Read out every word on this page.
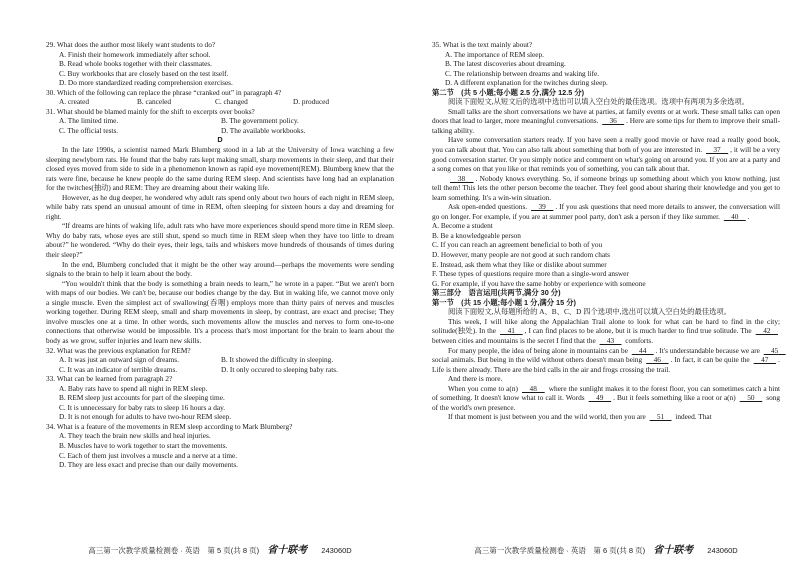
29. What does the author most likely want students to do?
A. Finish their homework immediately after school.
B. Read whole books together with their classmates.
C. Buy workbooks that are closely based on the test itself.
D. Do more standardized reading comprehension exercises.
30. Which of the following can replace the phrase “cranked out” in paragraph 4?
A. created	B. canceled	C. changed	D. produced
31. What should be blamed mainly for the shift to excerpts over books?
A. The limited time.	B. The government policy.
C. The official tests.	D. The available workbooks.
D

In the late 1990s, a scientist named Mark Blumberg stood in a lab at the University of Iowa watching a few sleeping newlyborn rats. He found that the baby rats kept making small, sharp movements in their sleep, and that their closed eyes moved from side to side in a phenomenon known as rapid eye movement(REM). Blumberg knew that the rats were fine, because he knew people do the same during REM sleep. And scientists have long had an explanation for the twitches(抽动) and REM: They are dreaming about their waking life.

However, as he dug deeper, he wondered why adult rats spend only about two hours of each night in REM sleep, while baby rats spend an unusual amount of time in REM, often sleeping for sixteen hours a day and dreaming for right.

“If dreams are hints of waking life, adult rats who have more experiences should spend more time in REM sleep. Why do baby rats, whose eyes are still shut, spend so much time in REM sleep when they have too little to dream about?” he wondered. “Why do their eyes, their legs, tails and whiskers move hundreds of thousands of times during their sleep?”

In the end, Blumberg concluded that it might be the other way around—perhaps the movements were sending signals to the brain to help it learn about the body.

“You wouldn't think that the body is something a brain needs to learn,” he wrote in a paper. “But we aren't born with maps of our bodies. We can't be, because our bodies change by the day. But in waking life, we cannot move only a single muscle. Even the simplest act of swallowing(吞咽) employs more than thirty pairs of nerves and muscles working together. During REM sleep, small and sharp movements in sleep, by contrast, are exact and precise; They involve muscles one at a time. In other words, such movements allow the muscles and nerves to form one-to-one connections that otherwise would be impossible. It's a process that's most important for the brain to learn about the body as we grow, suffer injuries and learn new skills.

32. What was the previous explanation for REM?
A. It was just an outward sign of dreams.	B. It showed the difficulty in sleeping.
C. It was an indicator of terrible dreams.	D. It only occured to sleeping baby rats.
33. What can be learned from paragraph 2?
A. Baby rats have to spend all night in REM sleep.
B. REM sleep just accounts for part of the sleeping time.
C. It is unnecessary for baby rats to sleep 16 hours a day.
D. It is not enough for adults to have two-hour REM sleep.
34. What is a feature of the movements in REM sleep according to Mark Blumberg?
A. They teach the brain new skills and heal injuries.
B. Muscles have to work together to start the movements.
C. Each of them just involves a muscle and a nerve at a time.
D. They are less exact and precise than our daily movements.
高三第一次教学质量检测卷 · 英语　第 5 页(共 8 页) 省十联考 243060D
35. What is the text mainly about?
A. The importance of REM sleep.
B. The latest discoveries about dreaming.
C. The relationship between dreams and waking life.
D. A different explanation for the twitches during sleep.
第二节　(共 5 小题;每小题 2.5 分,满分 12.5 分)

阅读下面短文,从短文后的选项中选出可以填入空白处的最佳选项。选项中有两项为多余选项。

Small talks are the short conversations we have at parties, at family events or at work. These small talks can open doors that lead to larger, more meaningful conversations. 　36　. Here are some tips for them to improve their small-talking ability.

Have some conversation starters ready. If you have seen a really good movie or have read a really good book, you can talk about that. You can also talk about something that both of you are interested in. 　37　, it will be a very good conversation starter. Or you simply notice and comment on what's going on around you. If you are at a party and a song comes on that you like or that reminds you of something, you can talk about that.

　38　. Nobody knows everything. So, if someone brings up something about which you know nothing, just tell them! This lets the other person become the teacher. They feel good about sharing their knowledge and you get to learn something. It's a win-win situation.

Ask open-ended questions. 　39　. If you ask questions that need more details to answer, the conversation will go on longer. For example, if you are at summer pool party, don't ask a person if they like summer. 　40　.

A. Become a student
B. Be a knowledgeable person
C. If you can reach an agreement beneficial to both of you
D. However, many people are not good at such random chats
E. Instead, ask them what they like or dislike about summer
F. These types of questions require more than a single-word answer
G. For example, if you have the same hobby or experience with someone
第三部分　语言运用(共两节,满分 30 分)
第一节　(共 15 小题;每小题 1 分,满分 15 分)

阅读下面短文,从每题所给的 A、B、C、D 四个选项中,选出可以填入空白处的最佳选项。

This week, I will hike along the Appalachian Trail alone to look for what can be hard to find in the city; solitude(独处). In the 　41　, I can find places to be alone, but it is much harder to find true solitude. The 　42　 between cities and mountains is the secret I find that the 　43　 comforts.

For many people, the idea of being alone in mountains can be 　44　. It's understandable because we are 　45　 social animals. But being in the wild without others doesn't mean being 　46　. In fact, it can be quite the 　47　. Life is there already. There are the bird calls in the air and frogs crossing the trail.

And there is more.

When you come to a(n) 　48　 where the sunlight makes it to the forest floor, you can sometimes catch a hint of something. It doesn't know what to call it. Words 　49　. But it feels something like a root or a(n) 　50　 song of the world's own presence.

If that moment is just between you and the wild world, then you are 　51　 indeed. That

高三第一次教学质量检测卷 · 英语　第 6 页(共 8 页) 省十联考 243060D
